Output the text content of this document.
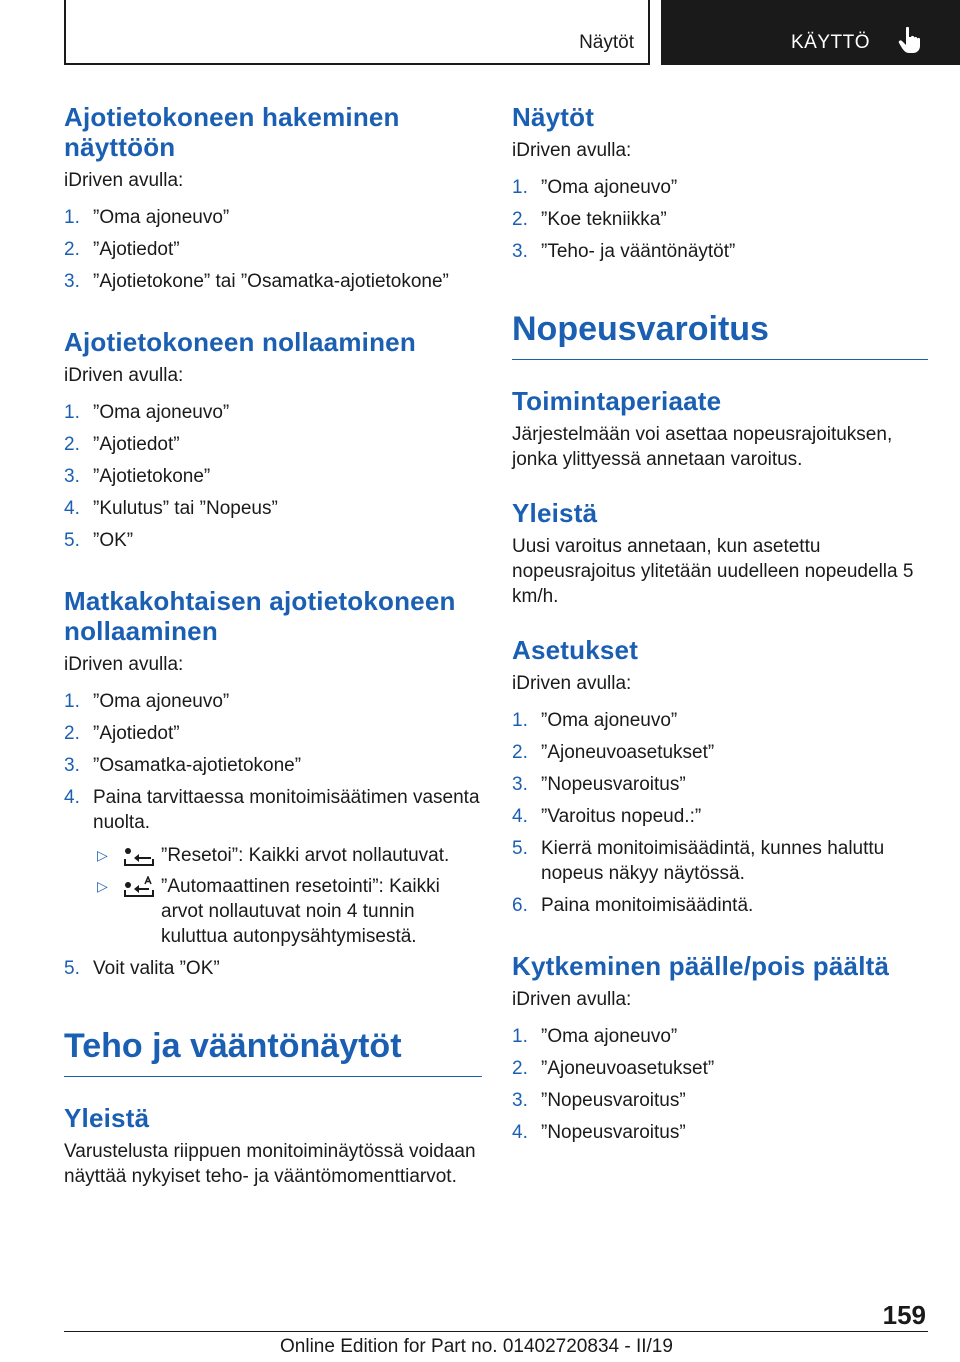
Näytöt	KÄYTTÖ
Ajotietokoneen hakeminen
näyttöön
iDriven avulla:
1. ”Oma ajoneuvo”
2. ”Ajotiedot”
3. ”Ajotietokone” tai ”Osamatka-ajotietokone”
Ajotietokoneen nollaaminen
iDriven avulla:
1. ”Oma ajoneuvo”
2. ”Ajotiedot”
3. ”Ajotietokone”
4. ”Kulutus” tai ”Nopeus”
5. ”OK”
Matkakohtaisen ajotietokoneen
nollaaminen
iDriven avulla:
1. ”Oma ajoneuvo”
2. ”Ajotiedot”
3. ”Osamatka-ajotietokone”
4. Paina tarvittaessa monitoimisäätimen vasenta nuolta.
▷	”Resetoi”: Kaikki arvot nollautuvat.
▷	”Automaattinen resetointi”: Kaikki arvot nollautuvat noin 4 tunnin kuluttua autonpysähtymisestä.
5. Voit valita ”OK”
Teho ja vääntönäytöt
Yleistä
Varustelusta riippuen monitoiminäytössä voidaan näyttää nykyiset teho- ja vääntömomenttiarvot.
Näytöt
iDriven avulla:
1. ”Oma ajoneuvo”
2. ”Koe tekniikka”
3. ”Teho- ja vääntönäytöt”
Nopeusvaroitus
Toimintaperiaate
Järjestelmään voi asettaa nopeusrajoituksen, jonka ylittyessä annetaan varoitus.
Yleistä
Uusi varoitus annetaan, kun asetettu nopeusrajoitus ylitetään uudelleen nopeudella 5 km/h.
Asetukset
iDriven avulla:
1. ”Oma ajoneuvo”
2. ”Ajoneuvoasetukset”
3. ”Nopeusvaroitus”
4. ”Varoitus nopeud.:”
5. Kierrä monitoimisäädintä, kunnes haluttu nopeus näkyy näytössä.
6. Paina monitoimisäädintä.
Kytkeminen päälle/pois päältä
iDriven avulla:
1. ”Oma ajoneuvo”
2. ”Ajoneuvoasetukset”
3. ”Nopeusvaroitus”
4. ”Nopeusvaroitus”
159
Online Edition for Part no. 01402720834 - II/19
